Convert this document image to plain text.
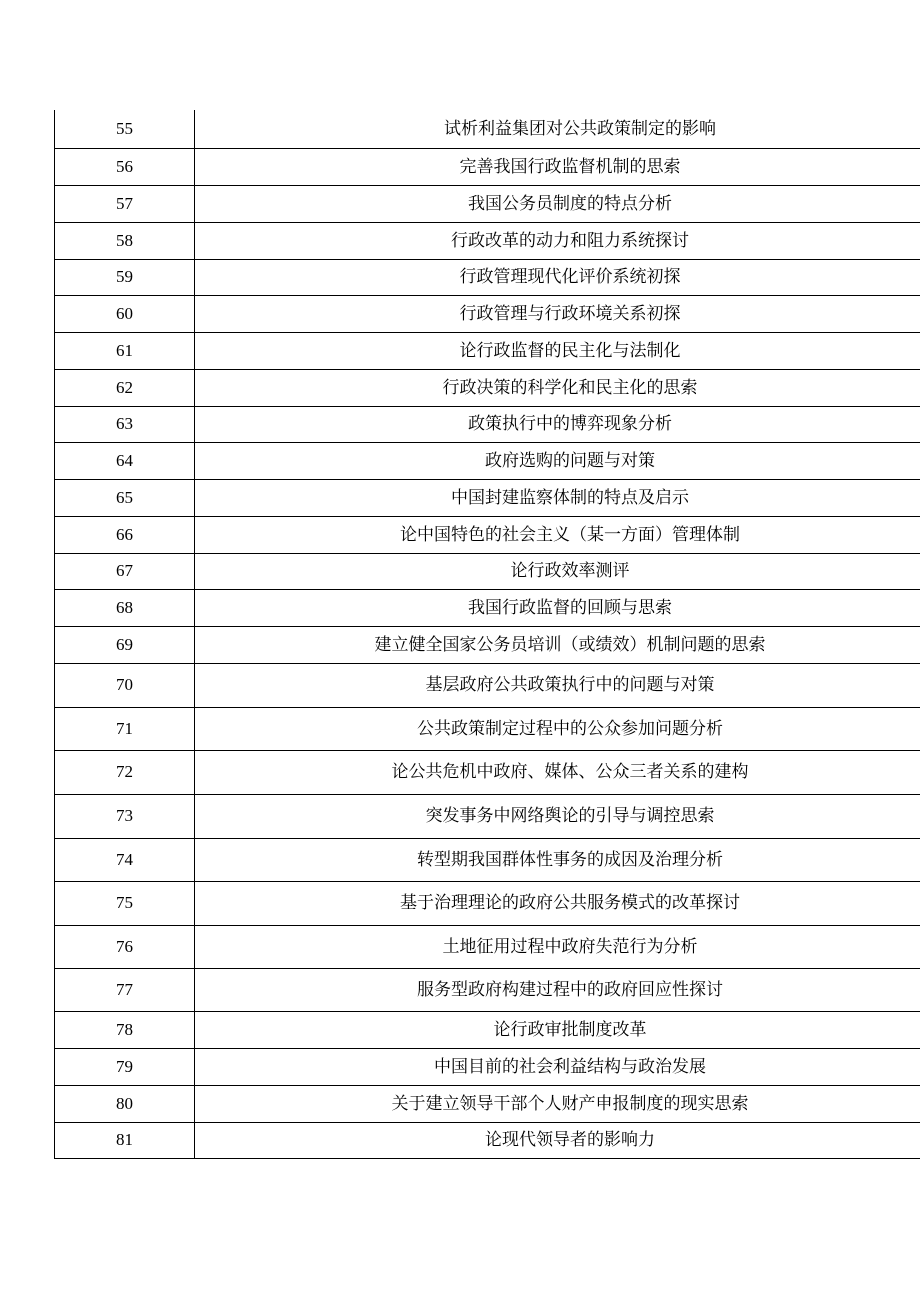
55	试析利益集团对公共政策制定的影响
56	完善我国行政监督机制的思索
57	我国公务员制度的特点分析
58	行政改革的动力和阻力系统探讨
59	行政管理现代化评价系统初探
60	行政管理与行政环境关系初探
61	论行政监督的民主化与法制化
62	行政决策的科学化和民主化的思索
63	政策执行中的博弈现象分析
64	政府选购的问题与对策
65	中国封建监察体制的特点及启示
66	论中国特色的社会主义（某一方面）管理体制
67	论行政效率测评
68	我国行政监督的回顾与思索
69	建立健全国家公务员培训（或绩效）机制问题的思索
70	基层政府公共政策执行中的问题与对策
71	公共政策制定过程中的公众参加问题分析
72	论公共危机中政府、媒体、公众三者关系的建构
73	突发事务中网络舆论的引导与调控思索
74	转型期我国群体性事务的成因及治理分析
75	基于治理理论的政府公共服务模式的改革探讨
76	土地征用过程中政府失范行为分析
77	服务型政府构建过程中的政府回应性探讨
78	论行政审批制度改革
79	中国目前的社会利益结构与政治发展
80	关于建立领导干部个人财产申报制度的现实思索
81	论现代领导者的影响力
